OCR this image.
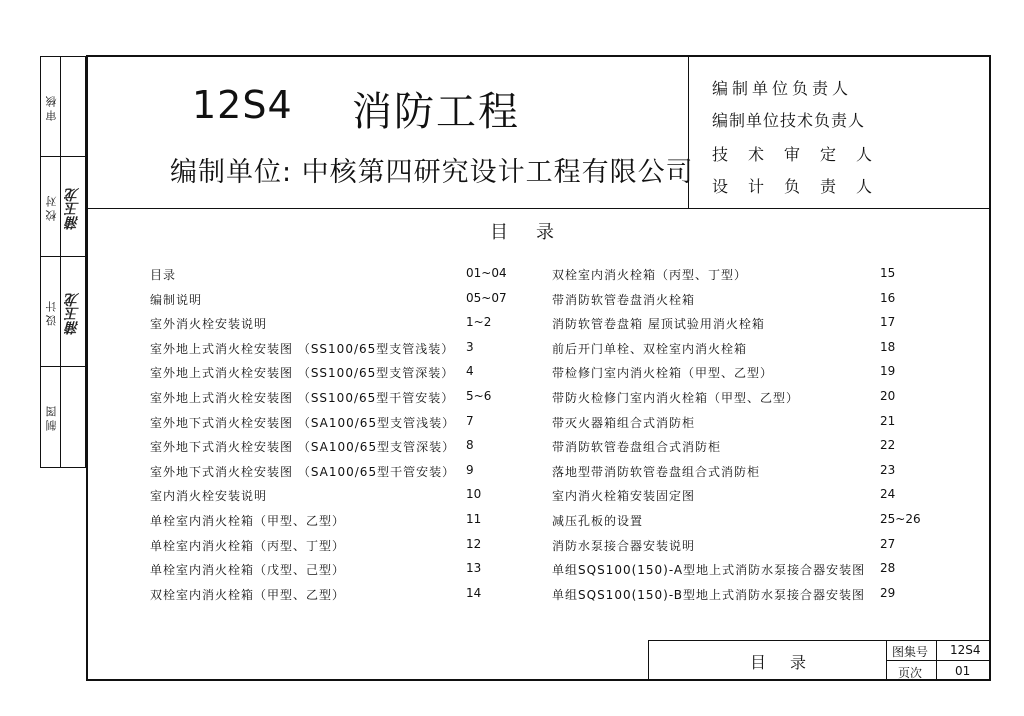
审核
校对 蒲玉龙
设计 蒲玉龙
制图
12S4 消防工程
编制单位: 中核第四研究设计工程有限公司
编制单位负责人
编制单位技术负责人
技术审定人
设计负责人
目录
目录	01~04
编制说明	05~07
室外消火栓安装说明	1~2
室外地上式消火栓安装图 （SS100/65型支管浅装） 3
室外地上式消火栓安装图 （SS100/65型支管深装） 4
室外地上式消火栓安装图 （SS100/65型干管安装） 5~6
室外地下式消火栓安装图 （SA100/65型支管浅装） 7
室外地下式消火栓安装图 （SA100/65型支管深装） 8
室外地下式消火栓安装图 （SA100/65型干管安装） 9
室内消火栓安装说明	10
单栓室内消火栓箱（甲型、乙型）	11
单栓室内消火栓箱（丙型、丁型）	12
单栓室内消火栓箱（戊型、己型）	13
双栓室内消火栓箱（甲型、乙型）	14
双栓室内消火栓箱（丙型、丁型）	15
带消防软管卷盘消火栓箱	16
消防软管卷盘箱 屋顶试验用消火栓箱	17
前后开门单栓、双栓室内消火栓箱	18
带检修门室内消火栓箱（甲型、乙型）	19
带防火检修门室内消火栓箱（甲型、乙型）	20
带灭火器箱组合式消防柜	21
带消防软管卷盘组合式消防柜	22
落地型带消防软管卷盘组合式消防柜	23
室内消火栓箱安装固定图	24
减压孔板的设置	25~26
消防水泵接合器安装说明	27
单组SQS100(150)-A型地上式消防水泵接合器安装图 28
单组SQS100(150)-B型地上式消防水泵接合器安装图 29
目录
图集号 12S4
页次	01
